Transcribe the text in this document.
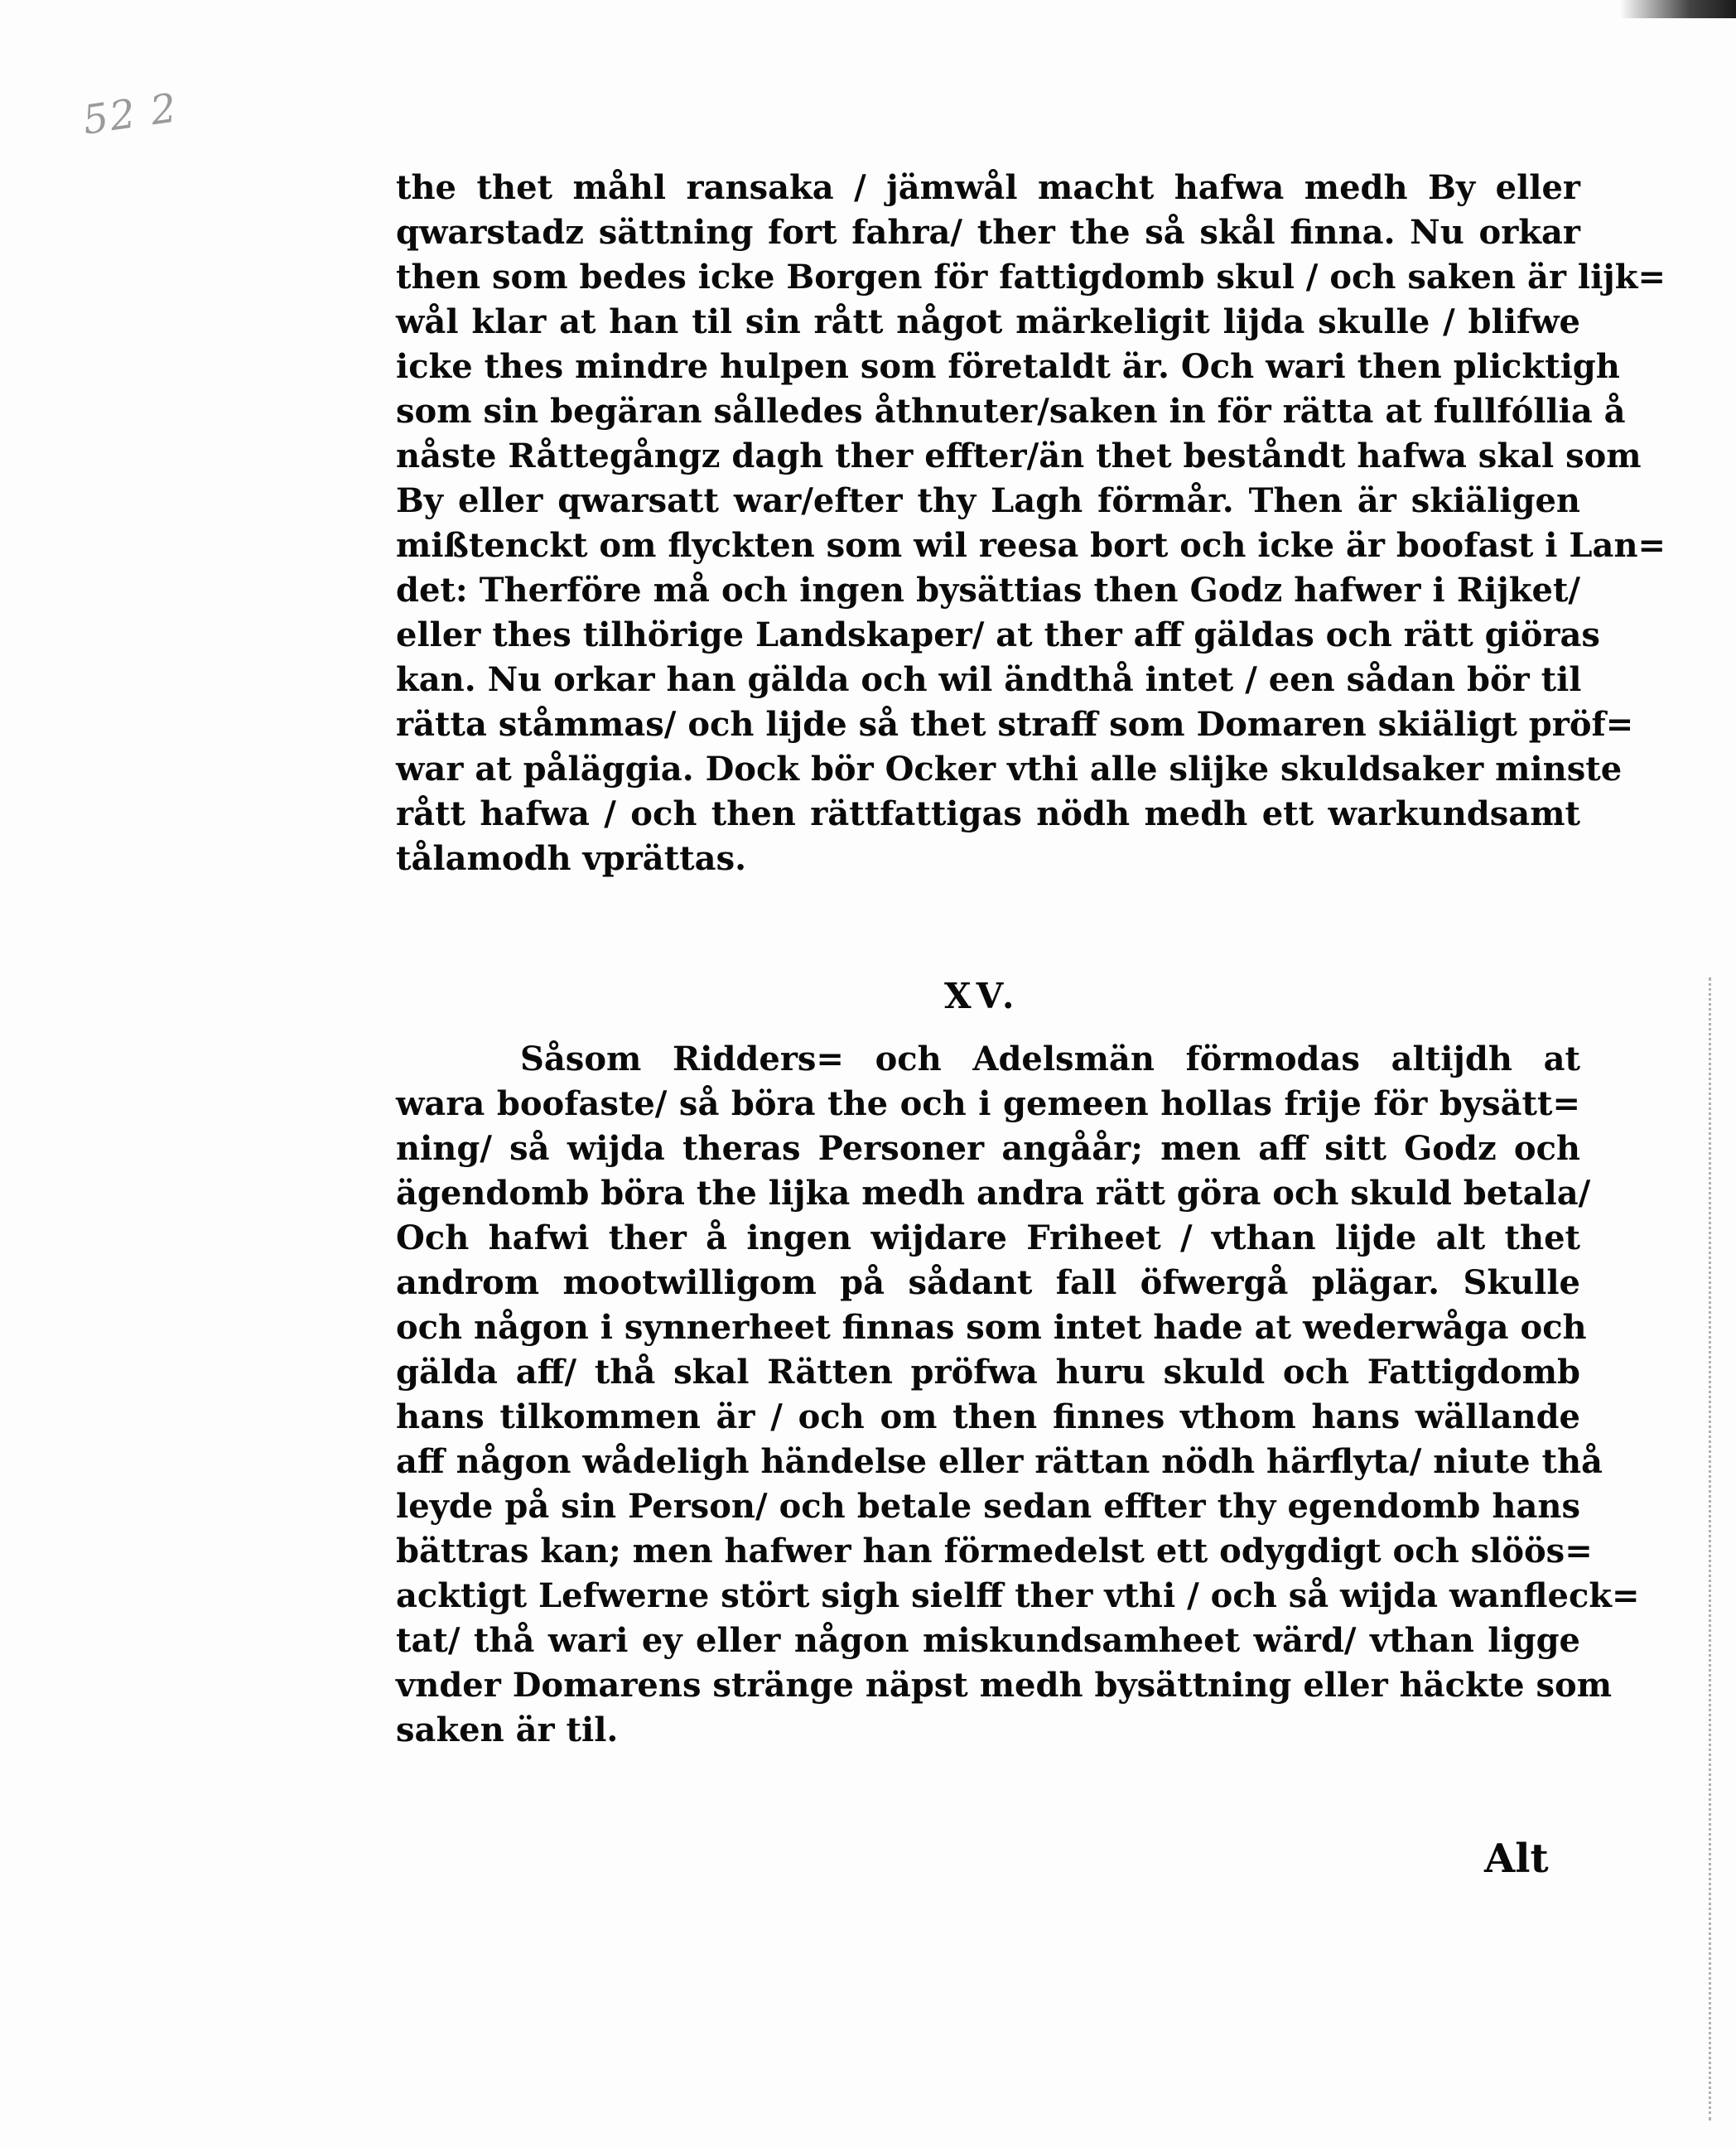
52 2
the thet måhl ransaka / jämwål macht hafwa medh By eller
qwarstadz sättning fort fahra/ ther the så skål finna. Nu orkar
then som bedes icke Borgen för fattigdomb skul / och saken är lijk=
wål klar at han til sin rått något märkeligit lijda skulle / blifwe
icke thes mindre hulpen som företaldt är. Och wari then plicktigh
som sin begäran sålledes åthnuter/saken in för rätta at fullfóllia å
nåste Råttegångz dagh ther effter/än thet beståndt hafwa skal som
By eller qwarsatt war/efter thy Lagh förmår. Then är skiäligen
mißtenckt om flyckten som wil reesa bort och icke är boofast i Lan=
det: Therföre må och ingen bysättias then Godz hafwer i Rijket/
eller thes tilhörige Landskaper/ at ther aff gäldas och rätt giöras
kan. Nu orkar han gälda och wil ändthå intet / een sådan bör til
rätta ståmmas/ och lijde så thet straff som Domaren skiäligt pröf=
war at påläggia. Dock bör Ocker vthi alle slijke skuldsaker minste
rått hafwa / och then rättfattigas nödh medh ett warkundsamt
tålamodh vprättas.
XV.
Såsom Ridders= och Adelsmän förmodas altijdh at
wara boofaste/ så böra the och i gemeen hollas frije för bysätt=
ning/ så wijda theras Personer angåår; men aff sitt Godz och
ägendomb böra the lijka medh andra rätt göra och skuld betala/
Och hafwi ther å ingen wijdare Friheet / vthan lijde alt thet
androm mootwilligom på sådant fall öfwergå plägar. Skulle
och någon i synnerheet finnas som intet hade at wederwåga och
gälda aff/ thå skal Rätten pröfwa huru skuld och Fattigdomb
hans tilkommen är / och om then finnes vthom hans wällande
aff någon wådeligh händelse eller rättan nödh härflyta/ niute thå
leyde på sin Person/ och betale sedan effter thy egendomb hans
bättras kan; men hafwer han förmedelst ett odygdigt och slöös=
acktigt Lefwerne stört sigh sielff ther vthi / och så wijda wanfleck=
tat/ thå wari ey eller någon miskundsamheet wärd/ vthan ligge
vnder Domarens stränge näpst medh bysättning eller häckte som
saken är til.
Alt
